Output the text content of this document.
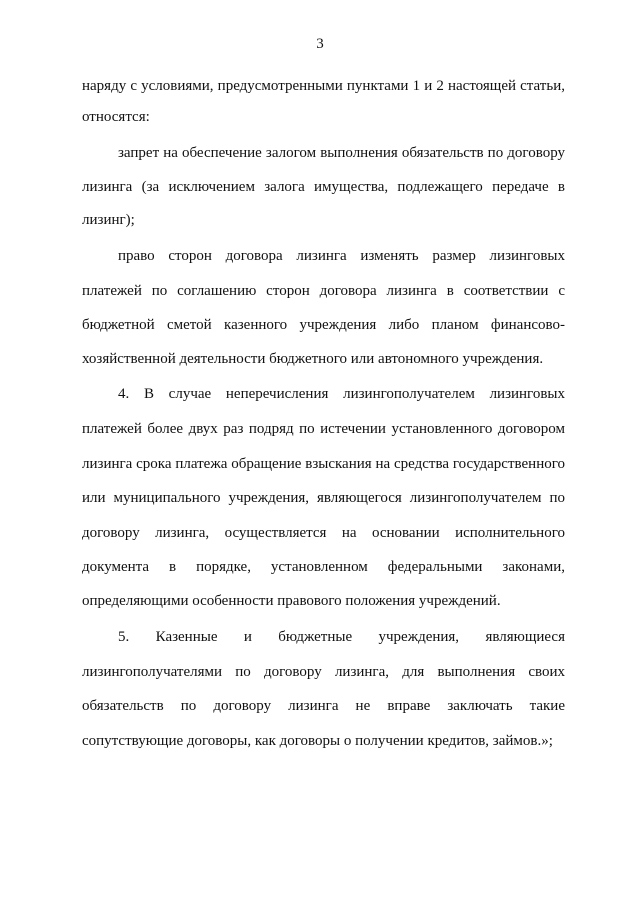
3
наряду с условиями, предусмотренными пунктами 1 и 2 настоящей статьи,
относятся:
запрет на обеспечение залогом выполнения обязательств по договору
лизинга (за исключением залога имущества, подлежащего передаче в
лизинг);
право сторон договора лизинга изменять размер лизинговых
платежей по соглашению сторон договора лизинга в соответствии с
бюджетной сметой казенного учреждения либо планом финансово-
хозяйственной деятельности бюджетного или автономного учреждения.
4. В случае неперечисления лизингополучателем лизинговых
платежей более двух раз подряд по истечении установленного договором
лизинга срока платежа обращение взыскания на средства государственного
или муниципального учреждения, являющегося лизингополучателем по
договору лизинга, осуществляется на основании исполнительного
документа в порядке, установленном федеральными законами,
определяющими особенности правового положения учреждений.
5. Казенные и бюджетные учреждения, являющиеся
лизингополучателями по договору лизинга, для выполнения своих
обязательств по договору лизинга не вправе заключать такие
сопутствующие договоры, как договоры о получении кредитов, займов.»;
